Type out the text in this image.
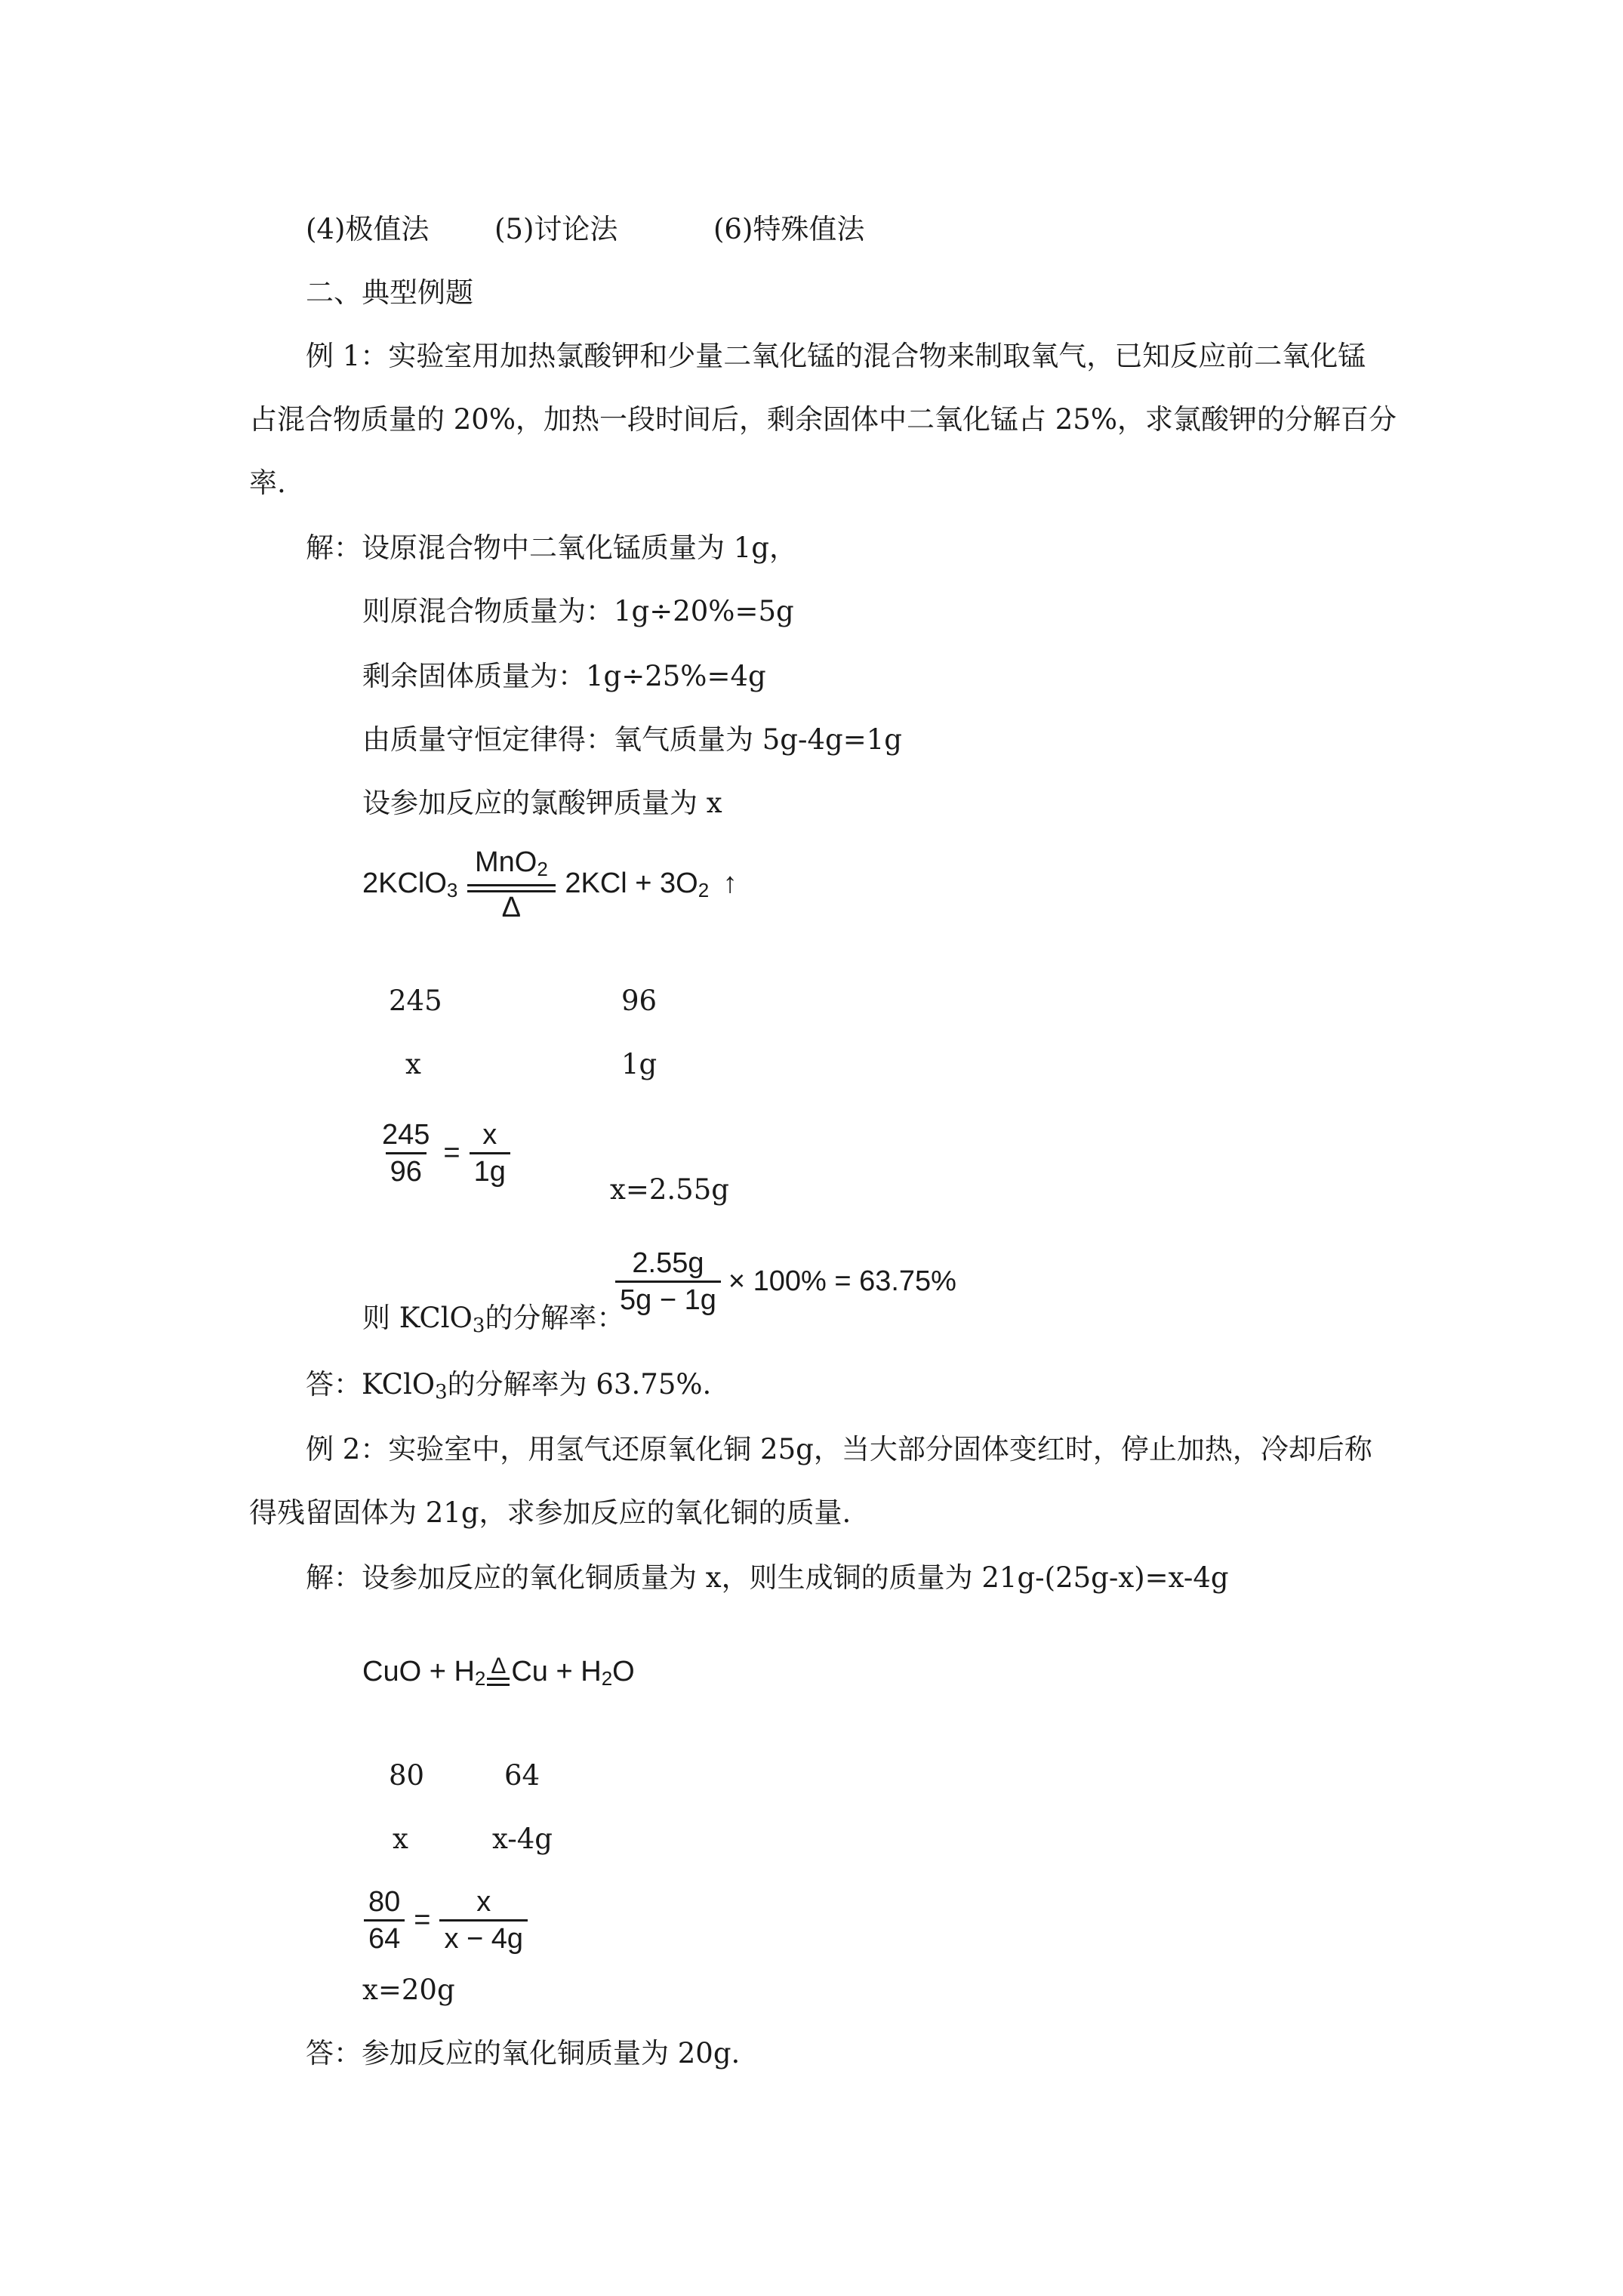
(4)极值法 (5)讨论法	(6)特殊值法
二、典型例题
例 1：实验室用加热氯酸钾和少量二氧化锰的混合物来制取氧气，已知反应前二氧化锰
占混合物质量的 20%，加热一段时间后，剩余固体中二氧化锰占 25%，求氯酸钾的分解百分
率.
解：设原混合物中二氧化锰质量为 1g，
则原混合物质量为：1g÷20%=5g
剩余固体质量为：1g÷25%=4g
由质量守恒定律得：氧气质量为 5g-4g=1g
设参加反应的氯酸钾质量为 x
2KClO$_3$
MnO$_2$
Δ
$2KCl + 3O_2$ ↑
245	96
x	1g
$\frac{245}{96} = \frac{x}{1g}$
x=2.55g
$\frac{2.55g}{5g - 1g} \times 100\% = 63.75\%$
则 KClO$_3$的分解率：
答：KClO$_3$的分解率为 63.75%.
例 2：实验室中，用氢气还原氧化铜 25g，当大部分固体变红时，停止加热，冷却后称
得残留固体为 21g，求参加反应的氧化铜的质量.
解：设参加反应的氧化铜质量为 x，则生成铜的质量为 21g-(25g-x)=x-4g
CuO + $H_2$ Δ $Cu + H_2O$
80	64
x	x-4g
$\frac{80}{64} = \frac{x}{x - 4g}$
x=20g
答：参加反应的氧化铜质量为 20g.
